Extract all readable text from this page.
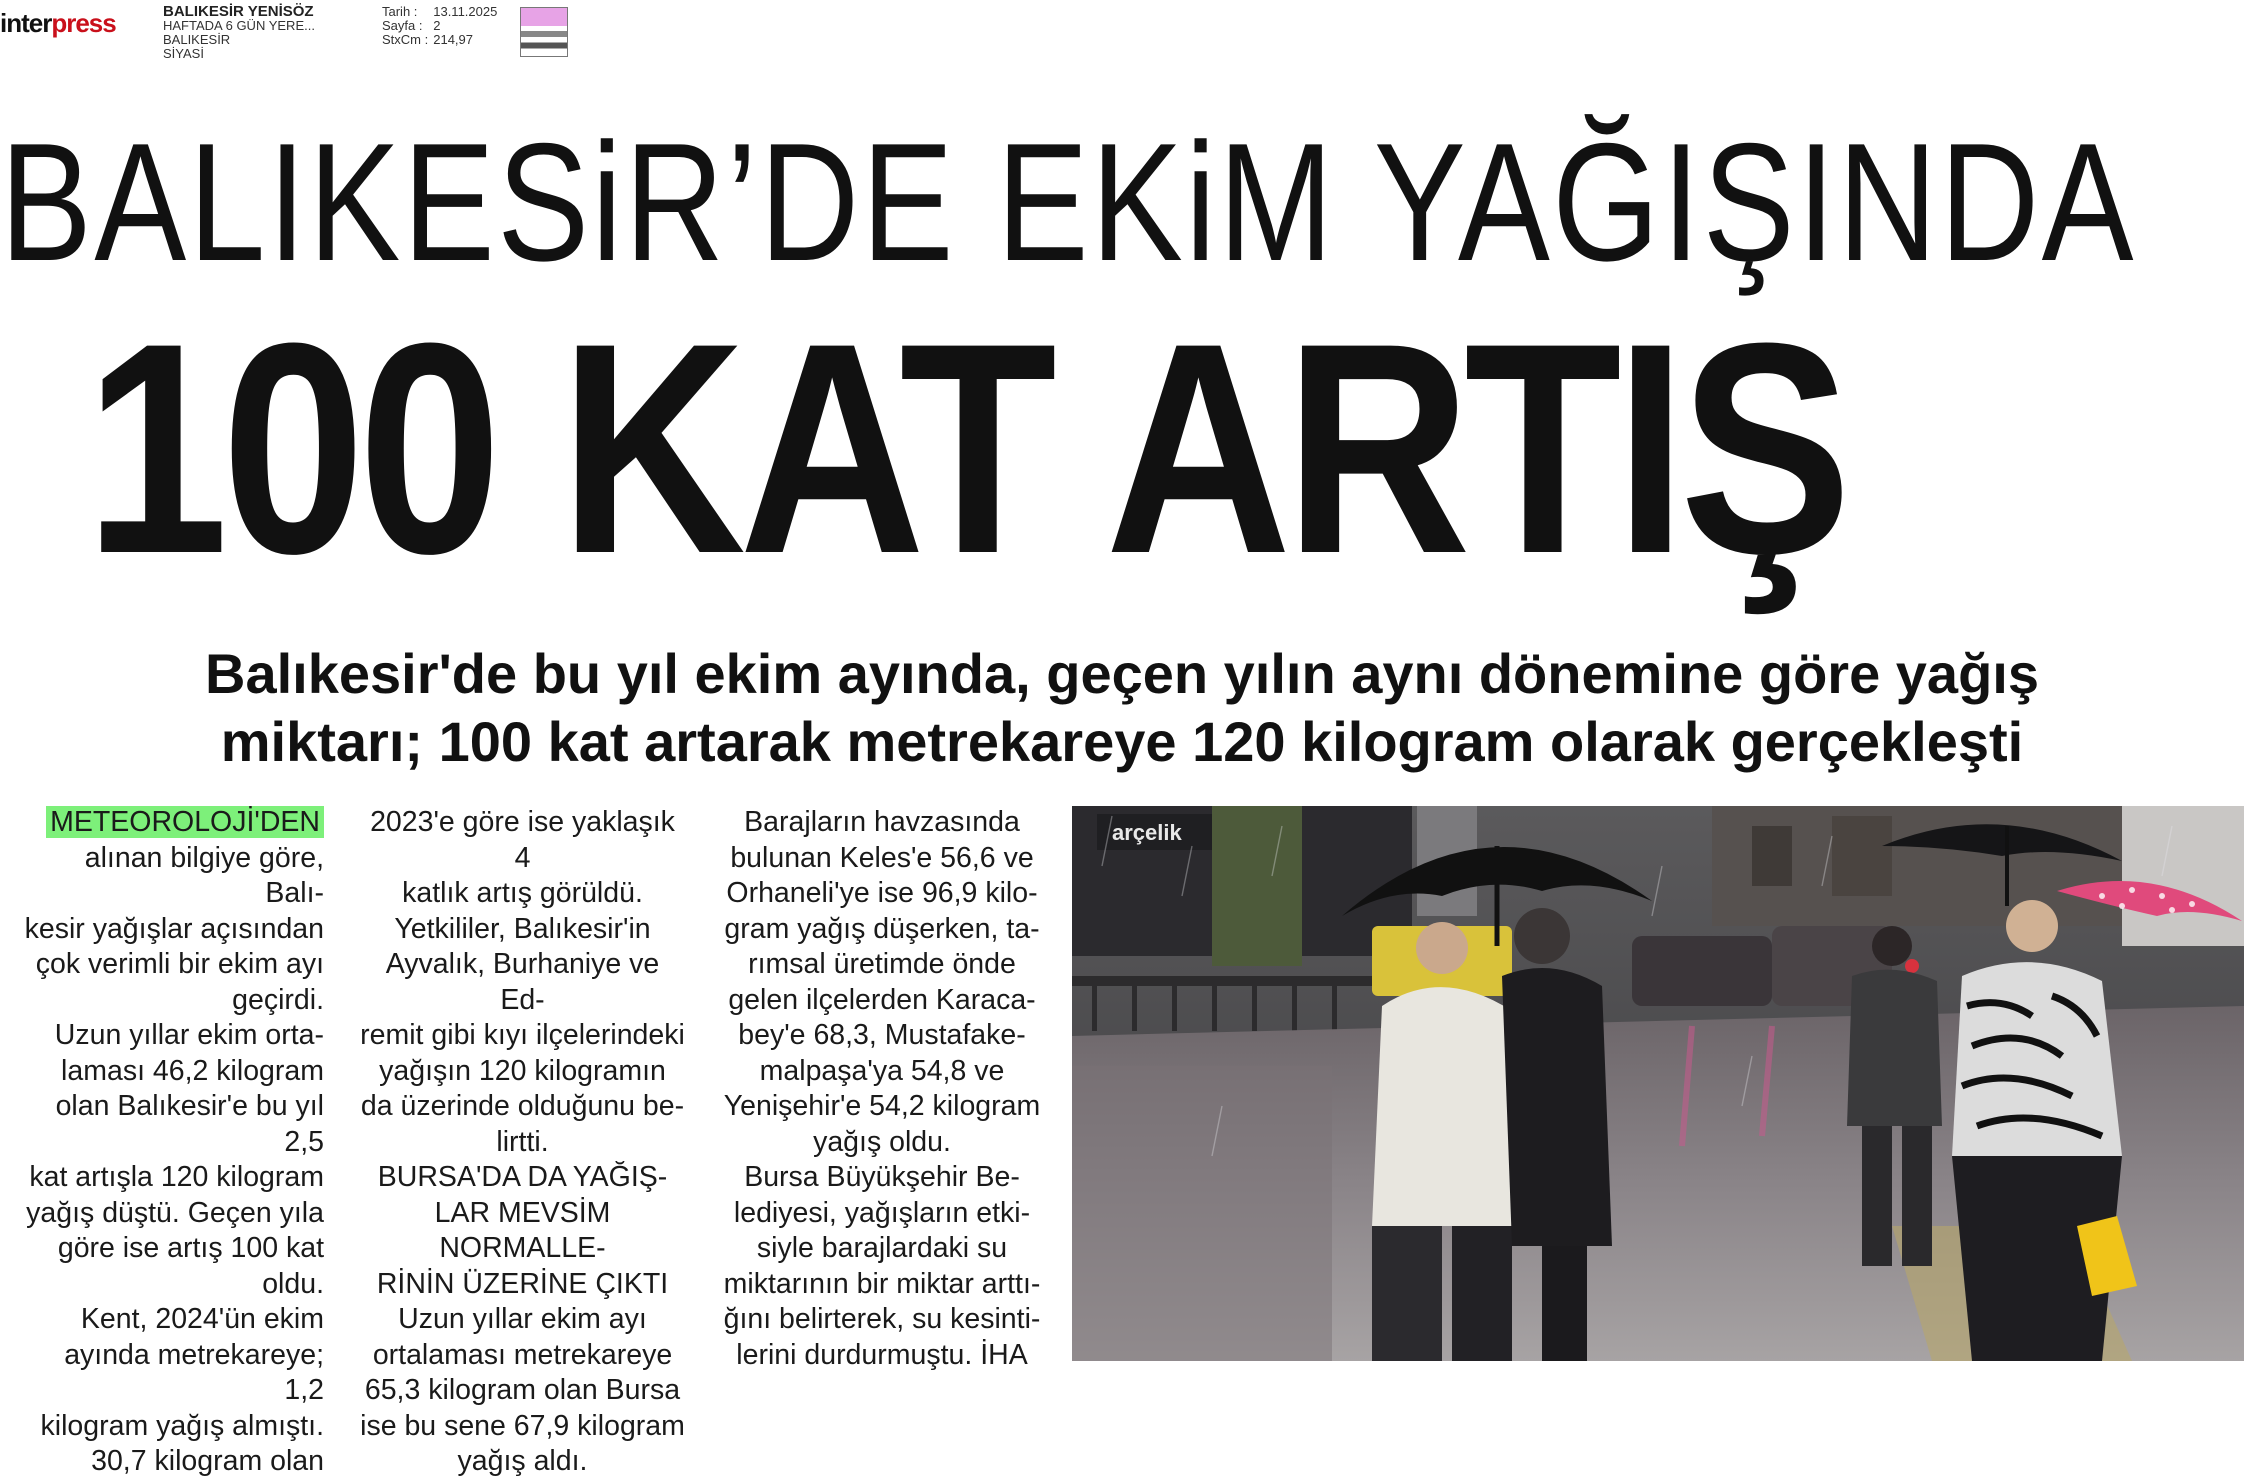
interpress	BALIKESİR YENİSÖZ
HAFTADA 6 GÜN YERE...
BALIKESİR
SİYASİ
Tarih :	13.11.2025
Sayfa :	2
StxCm :	214,97
BALIKESiR’DE EKiM YAĞIŞINDA
100 KAT ARTIŞ
Balıkesir'de bu yıl ekim ayında, geçen yılın aynı dönemine göre yağış
miktarı; 100 kat artarak metrekareye 120 kilogram olarak gerçekleşti

METEOROLOJİ'DEN

alınan bilgiye göre, Balı-

kesir yağışlar açısından

çok verimli bir ekim ayı

geçirdi.

Uzun yıllar ekim orta-

laması 46,2 kilogram

olan Balıkesir'e bu yıl 2,5

kat artışla 120 kilogram

yağış düştü. Geçen yıla

göre ise artış 100 kat

oldu.

Kent, 2024'ün ekim

ayında metrekareye; 1,2

kilogram yağış almıştı.

30,7 kilogram olan

2023'e göre ise yaklaşık 4

katlık artış görüldü.

Yetkililer, Balıkesir'in

Ayvalık, Burhaniye ve Ed-

remit gibi kıyı ilçelerindeki

yağışın 120 kilogramın

da üzerinde olduğunu be-

lirtti.

BURSA'DA DA YAĞIŞ-

LAR MEVSİM NORMALLE-

RİNİN ÜZERİNE ÇIKTI

Uzun yıllar ekim ayı

ortalaması metrekareye

65,3 kilogram olan Bursa

ise bu sene 67,9 kilogram

yağış aldı.

Barajların havzasında

bulunan Keles'e 56,6 ve

Orhaneli'ye ise 96,9 kilo-

gram yağış düşerken, ta-

rımsal üretimde önde

gelen ilçelerden Karaca-

bey'e 68,3, Mustafake-

malpaşa'ya 54,8 ve

Yenişehir'e 54,2 kilogram

yağış oldu.

Bursa Büyükşehir Be-

lediyesi, yağışların etki-

siyle barajlardaki su

miktarının bir miktar arttı-

ğını belirterek, su kesinti-

lerini durdurmuştu. İHA

arçelik
